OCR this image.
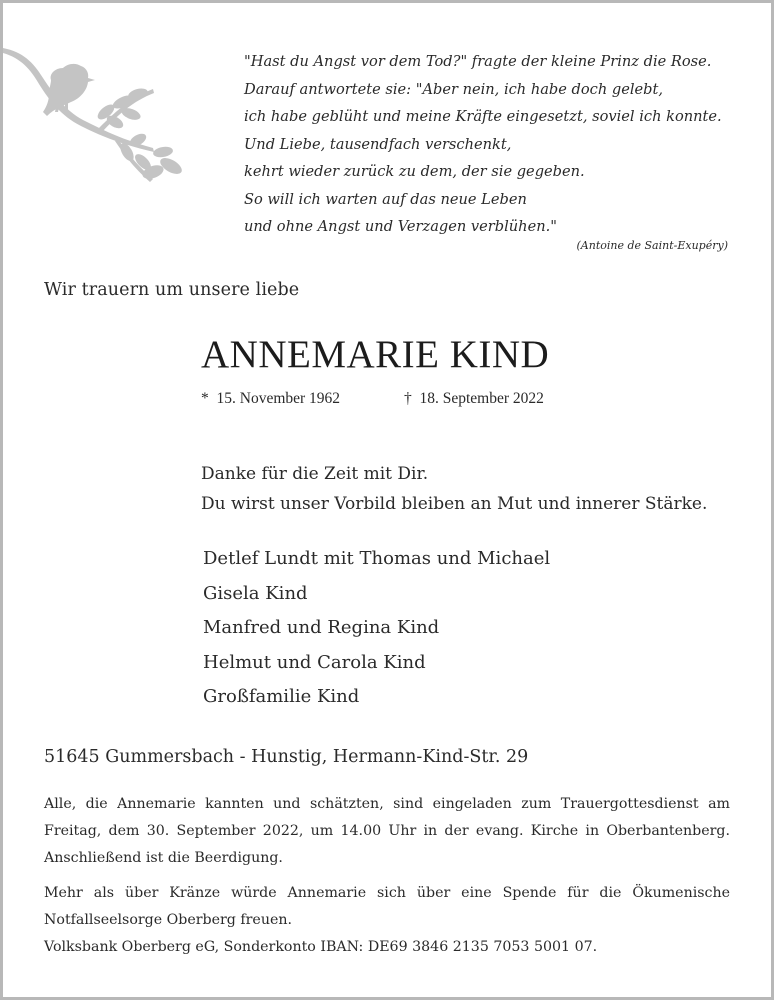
"Hast du Angst vor dem Tod?" fragte der kleine Prinz die Rose.
Darauf antwortete sie: "Aber nein, ich habe doch gelebt,
ich habe geblüht und meine Kräfte eingesetzt, soviel ich konnte.
Und Liebe, tausendfach verschenkt,
kehrt wieder zurück zu dem, der sie gegeben.
So will ich warten auf das neue Leben
und ohne Angst und Verzagen verblühen."
(Antoine de Saint-Exupéry)
Wir trauern um unsere liebe
ANNEMARIE KIND
* 15. November 1962	† 18. September 2022
Danke für die Zeit mit Dir.
Du wirst unser Vorbild bleiben an Mut und innerer Stärke.
Detlef Lundt mit Thomas und Michael
Gisela Kind
Manfred und Regina Kind
Helmut und Carola Kind
Großfamilie Kind
51645 Gummersbach - Hunstig, Hermann-Kind-Str. 29
Alle, die Annemarie kannten und schätzten, sind eingeladen zum Trauergottesdienst am
Freitag, dem 30. September 2022, um 14.00 Uhr in der evang. Kirche in Oberbantenberg.
Anschließend ist die Beerdigung.
Mehr als über Kränze würde Annemarie sich über eine Spende für die Ökumenische
Notfallseelsorge Oberberg freuen.
Volksbank Oberberg eG, Sonderkonto IBAN: DE69 3846 2135 7053 5001 07.
